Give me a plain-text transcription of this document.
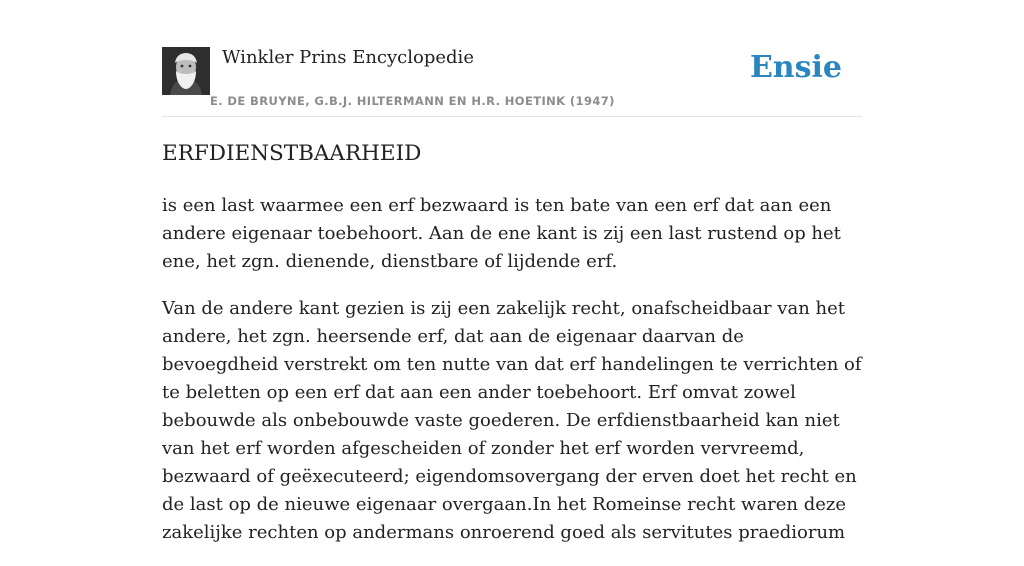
Winkler Prins Encyclopedie
E. DE BRUYNE, G.B.J. HILTERMANN EN H.R. HOETINK (1947)
Ensie
ERFDIENSTBAARHEID

is een last waarmee een erf bezwaard is ten bate van een erf dat aan een andere eigenaar toebehoort. Aan de ene kant is zij een last rustend op het ene, het zgn. dienende, dienstbare of lijdende erf.

Van de andere kant gezien is zij een zakelijk recht, onafscheidbaar van het andere, het zgn. heersende erf, dat aan de eigenaar daarvan de bevoegdheid verstrekt om ten nutte van dat erf handelingen te verrichten of te beletten op een erf dat aan een ander toebehoort. Erf omvat zowel bebouwde als onbebouwde vaste goederen. De erfdienstbaarheid kan niet van het erf worden afgescheiden of zonder het erf worden vervreemd, bezwaard of geëxecuteerd; eigendomsovergang der erven doet het recht en de last op de nieuwe eigenaar overgaan.In het Romeinse recht waren deze zakelijke rechten op andermans onroerend goed als servitutes praediorum
